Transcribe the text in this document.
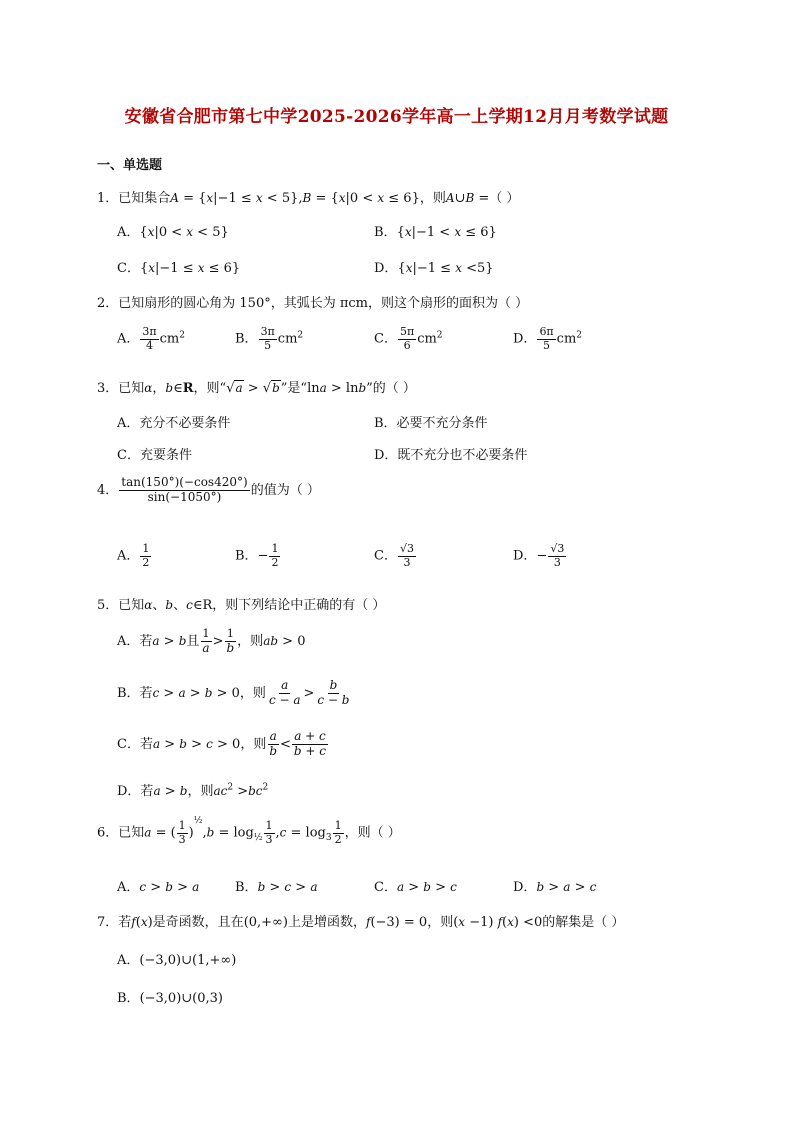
安徽省合肥市第七中学2025-2026学年高一上学期12月月考数学试题
一、单选题
1．已知集合A = {x|−1 ≤ x < 5},B = {x|0 < x ≤ 6}，则A∪B =（ ）
A．{x|0 < x < 5}	B．{x|−1 < x ≤ 6}
C．{x|−1 ≤ x ≤ 6}	D．{x|−1 ≤ x <5}
2．已知扇形的圆心角为 150°，其弧长为 πcm，则这个扇形的面积为（ ）
A． $\frac{3\pi}{4} cm^2$	B． $\frac{3\pi}{5} cm^2$	C． $\frac{5\pi}{6} cm^2$	D． $\frac{6\pi}{5} cm^2$
3．已知α，b∈R，则“√a > √b”是“lna > lnb”的（ ）
A．充分不必要条件	B．必要不充分条件
C．充要条件	D．既不充分也不必要条件
4． $\frac{\tan(150^\circ)(-\cos 420^\circ)}{\sin(-1050^\circ)}$ 的值为（ ）
A． $\frac{1}{2}$	B．− $\frac{1}{2}$	C． $\frac{√3}{3}$	D．− $\frac{√3}{3}$
5．已知α、b、c∈R，则下列结论中正确的有（ ）
A．若a > b且 $\frac{1}{a} > \frac{1}{b}$ ，则ab > 0
B．若c > a > b > 0，则 $\frac{a}{c - a} > \frac{b}{c - b}$
C．若a > b > c > 0，则 $\frac{a}{b} < \frac{a + c}{b + c}$
D．若a > b，则$ac^2 >bc^2$
6．已知a = ( $\frac{1}{3} )^{\frac{1}{2}},b = \log_{\frac{1}{2}} \frac{1}{3} ,c = \log_3 \frac{1}{2}$ ，则（ ）
A．c > b > a	B．b > c > a	C．a > b > c	D．b > a > c
7．若f(x)是奇函数，且在(0,+∞)上是增函数，f(−3) = 0，则(x −1) f(x) <0的解集是（ ）
A．(−3,0)∪(1,+∞)
B．(−3,0)∪(0,3)
